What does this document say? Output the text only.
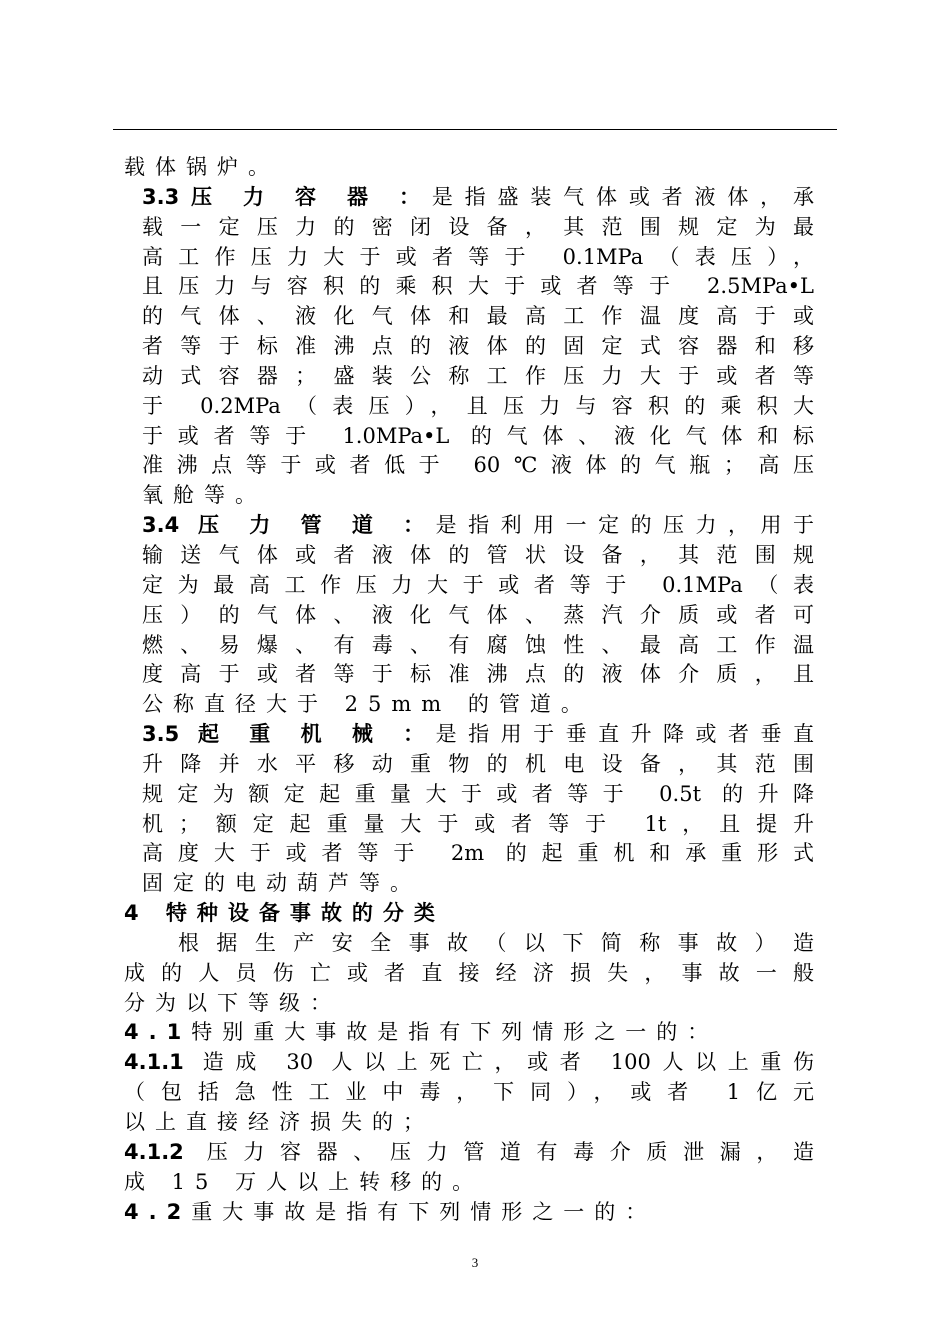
载体锅炉。
3.3压 力 容 器 ：是指盛装气体或者液体，承
载一定压力的密闭设备，其范围规定为最
高工作压力大于或者等于 0.1MPa（表压），
且压力与容积的乘积大于或者等于 2.5MPa•L
的气体、液化气体和最高工作温度高于或
者等于标准沸点的液体的固定式容器和移
动式容器；盛装公称工作压力大于或者等
于 0.2MPa（表压），且压力与容积的乘积大
于或者等于 1.0MPa•L 的气体、液化气体和标
准沸点等于或者低于 60℃液体的气瓶；高压
氧舱等。
3.4 压 力 管 道 ：是指利用一定的压力，用于
输送气体或者液体的管状设备，其范围规
定为最高工作压力大于或者等于 0.1MPa（表
压）的气体、液化气体、蒸汽介质或者可
燃、易爆、有毒、有腐蚀性、最高工作温
度高于或者等于标准沸点的液体介质，且
公称直径大于 25mm 的管道。
3.5 起 重 机 械 ：是指用于垂直升降或者垂直
升降并水平移动重物的机电设备，其范围
规定为额定起重量大于或者等于 0.5t 的升降
机；额定起重量大于或者等于 1t，且提升
高度大于或者等于 2m 的起重机和承重形式
固定的电动葫芦等。
4 特种设备事故的分类
根据生产安全事故（以下简称事故）造
成的人员伤亡或者直接经济损失，事故一般
分为以下等级：
4.1特别重大事故是指有下列情形之一的：
4.1.1 造成 30 人以上死亡，或者 100人以上重伤
（包括急性工业中毒，下同），或者 1亿元
以上直接经济损失的；
4.1.2 压力容器、压力管道有毒介质泄漏，造
成 15 万人以上转移的。
4.2重大事故是指有下列情形之一的：
3
